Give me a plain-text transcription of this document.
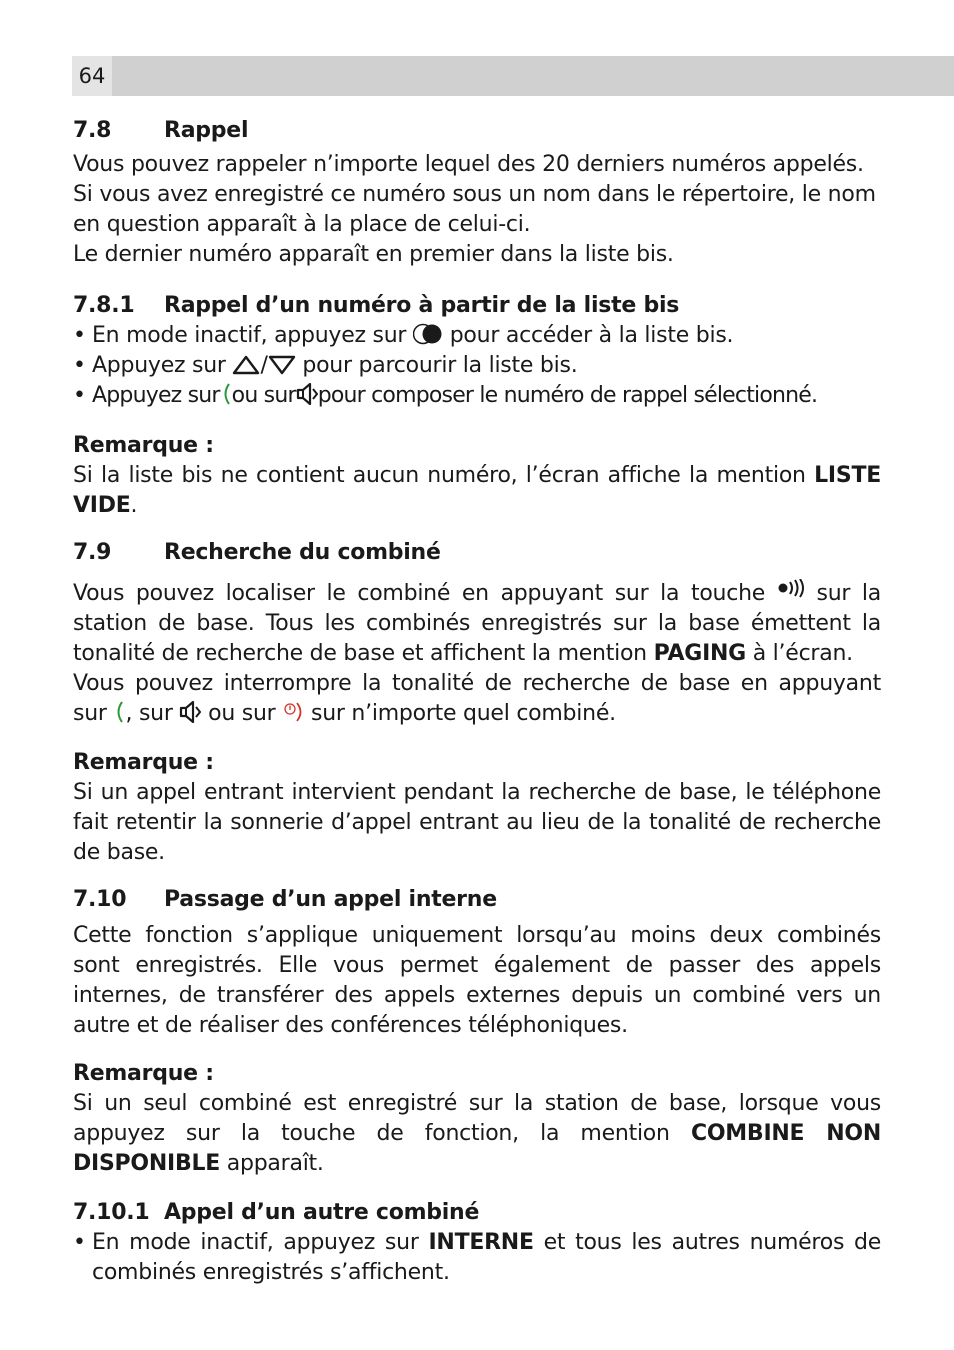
64
7.8 Rappel
Vous pouvez rappeler n’importe lequel des 20 derniers numéros appelés.
Si vous avez enregistré ce numéro sous un nom dans le répertoire, le nom
en question apparaît à la place de celui-ci.
Le dernier numéro apparaît en premier dans la liste bis.
7.8.1 Rappel d’un numéro à partir de la liste bis
• En mode inactif, appuyez sur  pour accéder à la liste bis.
• Appuyez sur / pour parcourir la liste bis.
• Appuyez sur ou sur pour composer le numéro de rappel sélectionné.
Remarque :
Si la liste bis ne contient aucun numéro, l’écran affiche la mention LISTE
VIDE.
7.9 Recherche du combiné
Vous pouvez localiser le combiné en appuyant sur la touche  sur la
station de base. Tous les combinés enregistrés sur la base émettent la
tonalité de recherche de base et affichent la mention PAGING à l’écran.
Vous pouvez interrompre la tonalité de recherche de base en appuyant
sur , sur  ou sur  sur n’importe quel combiné.
Remarque :
Si un appel entrant intervient pendant la recherche de base, le téléphone
fait retentir la sonnerie d’appel entrant au lieu de la tonalité de recherche
de base.
7.10 Passage d’un appel interne
Cette fonction s’applique uniquement lorsqu’au moins deux combinés
sont enregistrés. Elle vous permet également de passer des appels
internes, de transférer des appels externes depuis un combiné vers un
autre et de réaliser des conférences téléphoniques.
Remarque :
Si un seul combiné est enregistré sur la station de base, lorsque vous
appuyez sur la touche de fonction, la mention COMBINE NON
DISPONIBLE apparaît.
7.10.1 Appel d’un autre combiné
• En mode inactif, appuyez sur INTERNE et tous les autres numéros de
combinés enregistrés s’affichent.
